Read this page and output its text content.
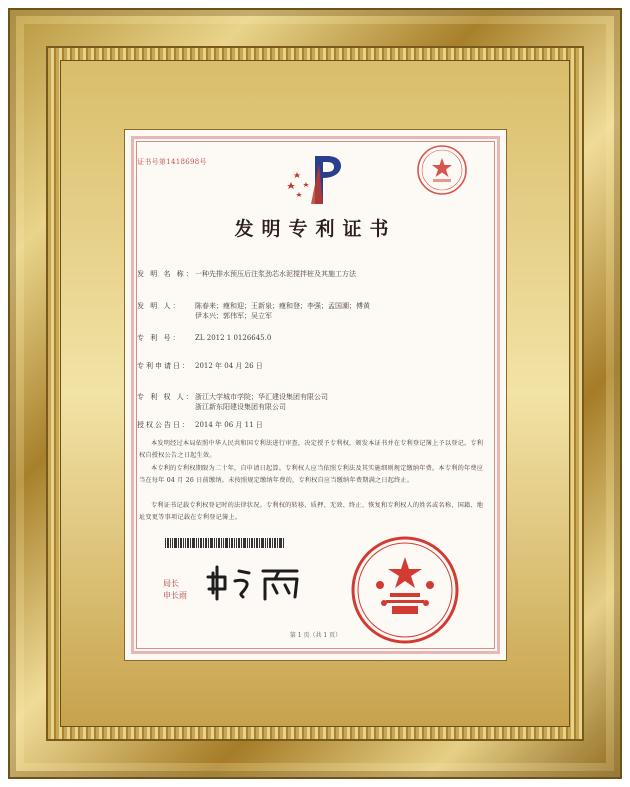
证书号第1418698号
发明专利证书
发 明 名 称：一种先排水预压后注浆劲芯水泥搅拌桩及其施工方法
发 明 人： 陈春来；瘦和迎；王新泉；瘦和登；李强；孟国潮；傅黄
伊本兴；郭伟军；吴立军
专 利 号： ZL 2012 1 0126645.0
专利申请日： 2012 年 04 月 26 日
专 利 权 人：浙江大学城市学院；华汇建设集团有限公司
浙江新东阳建设集团有限公司
授权公告日： 2014 年 06 月 11 日
本发明经过本局依照中华人民共和国专利法进行审查，决定授予专利权，颁发本证书并在专利登记簿上予以登记。专利权自授权公告之日起生效。
本专利的专利权期限为二十年，自申请日起算。专利权人应当依照专利法及其实施细则规定缴纳年费。本专利的年费应当在每年 04 月 26 日前缴纳。未按照规定缴纳年费的，专利权自应当缴纳年费期满之日起终止。
专利证书记载专利权登记时的法律状况。专利权的转移、质押、无效、终止、恢复和专利权人的姓名或名称、国籍、地址变更等事项记载在专利登记簿上。
局长
申长雨
第 1 页（共 1 页）
